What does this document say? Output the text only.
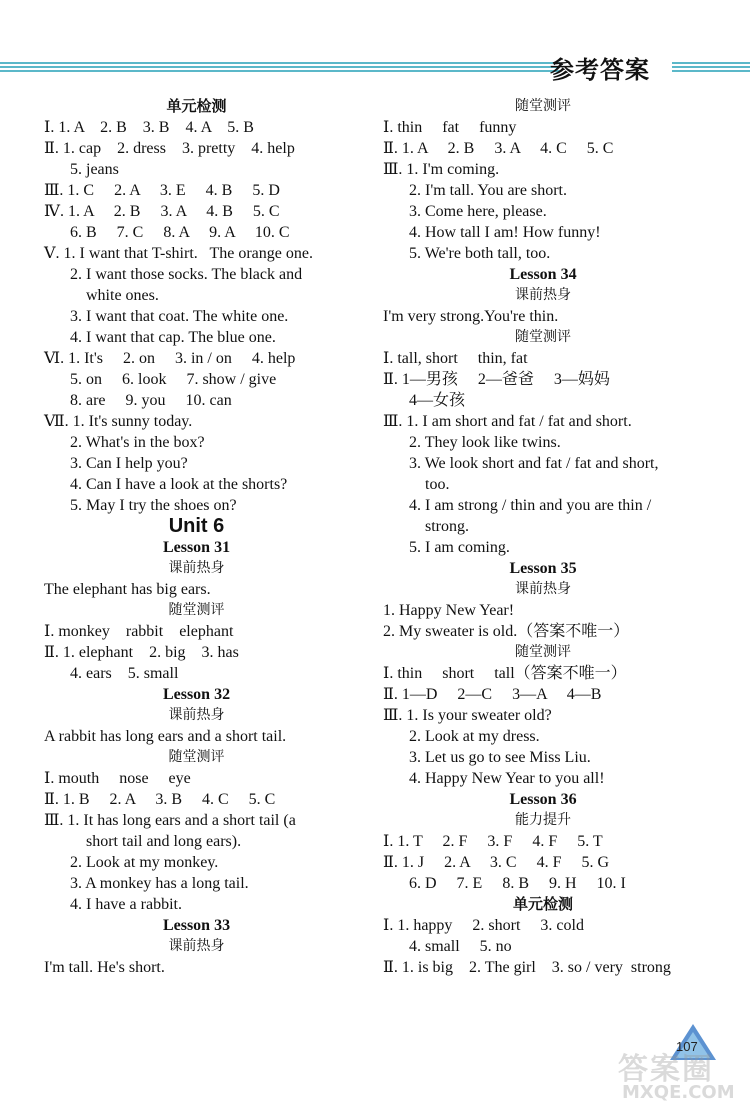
参考答案
单元检测
Ⅰ. 1. A    2. B    3. B    4. A    5. B
Ⅱ. 1. cap    2. dress    3. pretty    4. help
5. jeans
Ⅲ. 1. C     2. A     3. E     4. B     5. D
Ⅳ. 1. A     2. B     3. A     4. B     5. C
6. B     7. C     8. A     9. A     10. C
Ⅴ. 1. I want that T-shirt.   The orange one.
2. I want those socks. The black and
white ones.
3. I want that coat. The white one.
4. I want that cap. The blue one.
Ⅵ. 1. It's     2. on     3. in / on     4. help
5. on     6. look     7. show / give
8. are     9. you     10. can
Ⅶ. 1. It's sunny today.
2. What's in the box?
3. Can I help you?
4. Can I have a look at the shorts?
5. May I try the shoes on?
Unit 6
Lesson 31
课前热身
The elephant has big ears.
随堂测评
Ⅰ. monkey    rabbit    elephant
Ⅱ. 1. elephant    2. big    3. has
4. ears    5. small
Lesson 32
课前热身
A rabbit has long ears and a short tail.
随堂测评
Ⅰ. mouth     nose     eye
Ⅱ. 1. B     2. A     3. B     4. C     5. C
Ⅲ. 1. It has long ears and a short tail (a
short tail and long ears).
2. Look at my monkey.
3. A monkey has a long tail.
4. I have a rabbit.
Lesson 33
课前热身
I'm tall. He's short.
随堂测评
Ⅰ. thin     fat     funny
Ⅱ. 1. A     2. B     3. A     4. C     5. C
Ⅲ. 1. I'm coming.
2. I'm tall. You are short.
3. Come here, please.
4. How tall I am! How funny!
5. We're both tall, too.
Lesson 34
课前热身
I'm very strong.You're thin.
随堂测评
Ⅰ. tall, short     thin, fat
Ⅱ. 1—男孩     2—爸爸     3—妈妈
4—女孩
Ⅲ. 1. I am short and fat / fat and short.
2. They look like twins.
3. We look short and fat / fat and short,
too.
4. I am strong / thin and you are thin /
strong.
5. I am coming.
Lesson 35
课前热身
1. Happy New Year!
2. My sweater is old.（答案不唯一）
随堂测评
Ⅰ. thin     short     tall（答案不唯一）
Ⅱ. 1—D     2—C     3—A     4—B
Ⅲ. 1. Is your sweater old?
2. Look at my dress.
3. Let us go to see Miss Liu.
4. Happy New Year to you all!
Lesson 36
能力提升
Ⅰ. 1. T     2. F     3. F     4. F     5. T
Ⅱ. 1. J     2. A     3. C     4. F     5. G
6. D     7. E     8. B     9. H     10. I
单元检测
Ⅰ. 1. happy     2. short     3. cold
4. small     5. no
Ⅱ. 1. is big    2. The girl    3. so / very  strong
107
答案圈
MXQE.COM
